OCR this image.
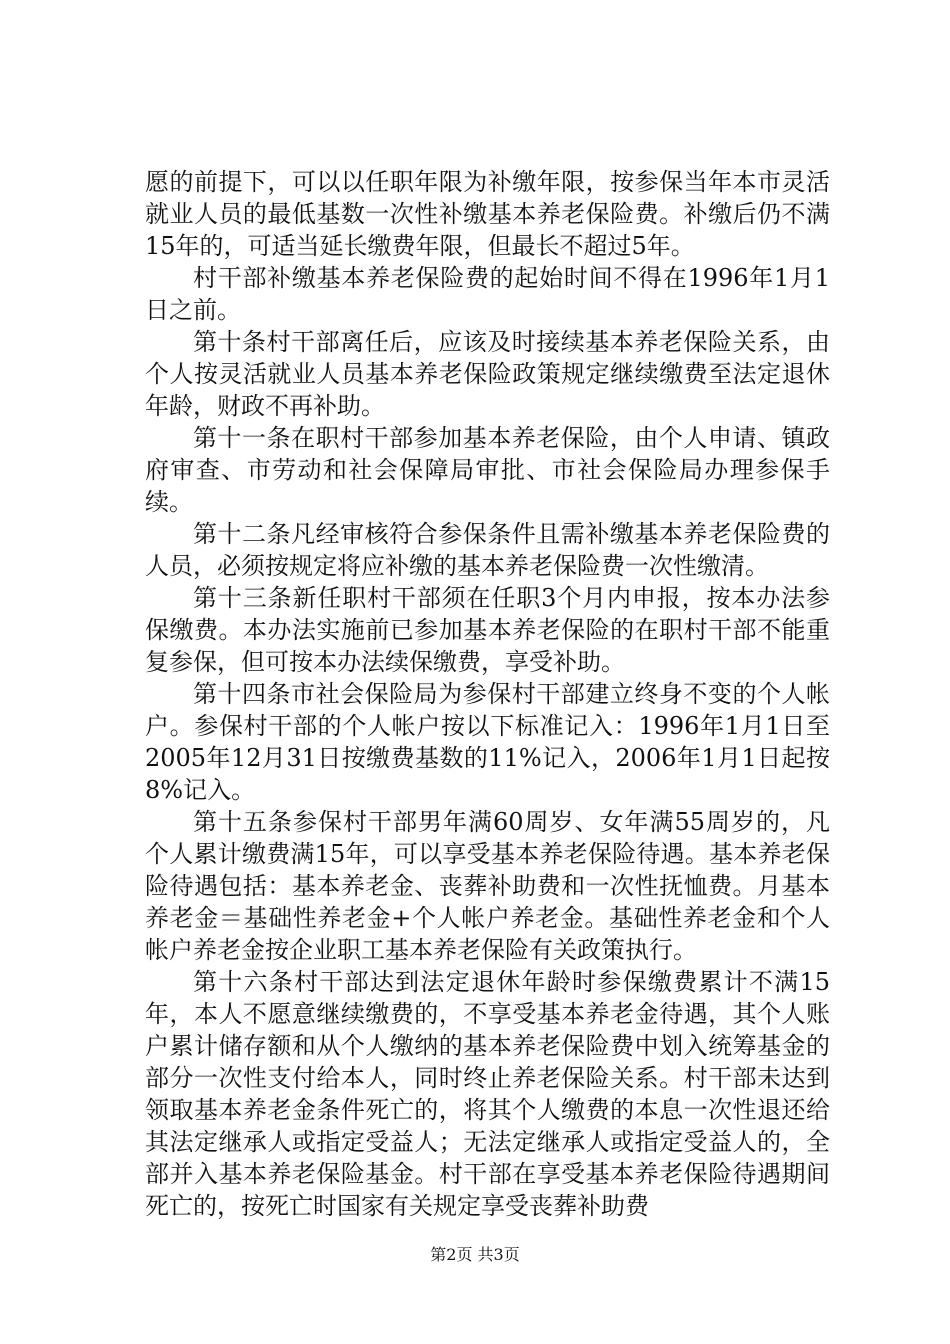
愿的前提下，可以以任职年限为补缴年限，按参保当年本市灵活就业人员的最低基数一次性补缴基本养老保险费。补缴后仍不满15年的，可适当延长缴费年限，但最长不超过5年。

村干部补缴基本养老保险费的起始时间不得在1996年1月1日之前。

第十条村干部离任后，应该及时接续基本养老保险关系，由个人按灵活就业人员基本养老保险政策规定继续缴费至法定退休年龄，财政不再补助。

第十一条在职村干部参加基本养老保险，由个人申请、镇政府审查、市劳动和社会保障局审批、市社会保险局办理参保手续。

第十二条凡经审核符合参保条件且需补缴基本养老保险费的人员，必须按规定将应补缴的基本养老保险费一次性缴清。

第十三条新任职村干部须在任职3个月内申报，按本办法参保缴费。本办法实施前已参加基本养老保险的在职村干部不能重复参保，但可按本办法续保缴费，享受补助。

第十四条市社会保险局为参保村干部建立终身不变的个人帐户。参保村干部的个人帐户按以下标准记入：1996年1月1日至2005年12月31日按缴费基数的11%记入，2006年1月1日起按8%记入。

第十五条参保村干部男年满60周岁、女年满55周岁的，凡个人累计缴费满15年，可以享受基本养老保险待遇。基本养老保险待遇包括：基本养老金、丧葬补助费和一次性抚恤费。月基本养老金＝基础性养老金+个人帐户养老金。基础性养老金和个人帐户养老金按企业职工基本养老保险有关政策执行。

第十六条村干部达到法定退休年龄时参保缴费累计不满15年，本人不愿意继续缴费的，不享受基本养老金待遇，其个人账户累计储存额和从个人缴纳的基本养老保险费中划入统筹基金的部分一次性支付给本人，同时终止养老保险关系。村干部未达到领取基本养老金条件死亡的，将其个人缴费的本息一次性退还给其法定继承人或指定受益人；无法定继承人或指定受益人的，全部并入基本养老保险基金。村干部在享受基本养老保险待遇期间死亡的，按死亡时国家有关规定享受丧葬补助费

第2页 共3页
